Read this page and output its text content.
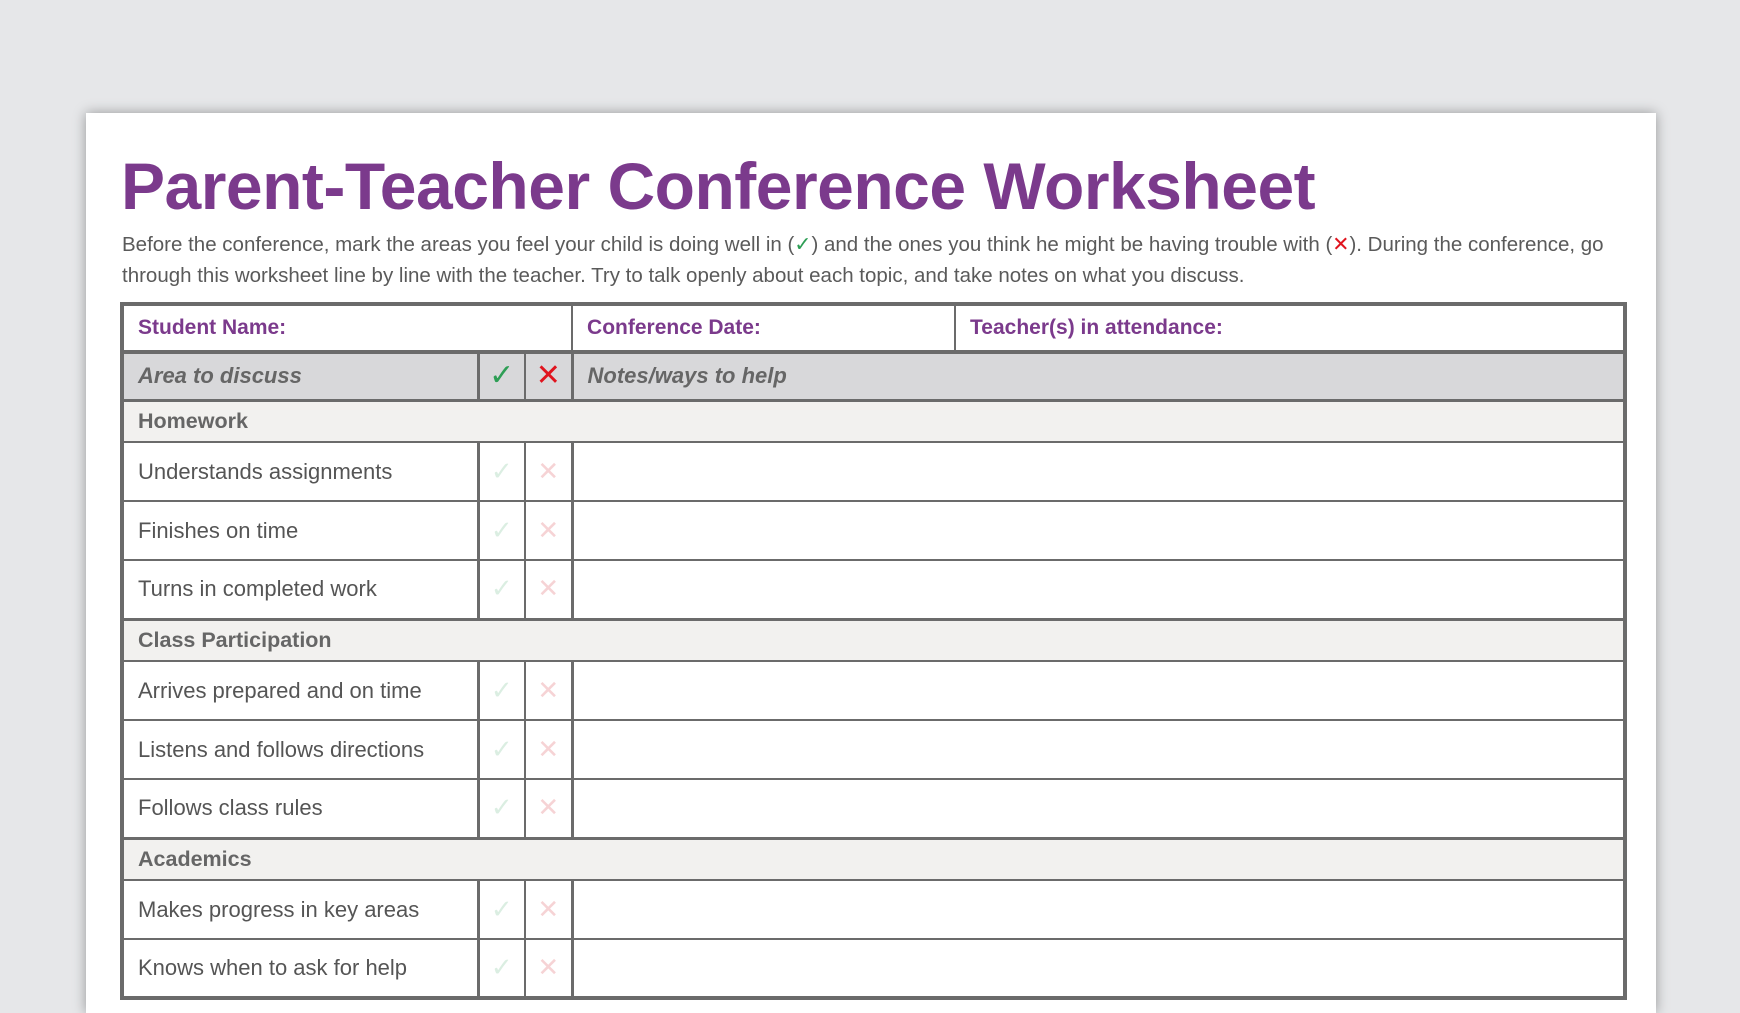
Parent-Teacher Conference Worksheet

Before the conference, mark the areas you feel your child is doing well in (✓) and the ones you think he might be having trouble with (✕). During the conference, go through this worksheet line by line with the teacher. Try to talk openly about each topic, and take notes on what you discuss.

Student Name:			Conference Date:	Teacher(s) in attendance:
Area to discuss	✓	✕	Notes/ways to help	
Homework				
Understands assignments	✓	✕		
Finishes on time	✓	✕		
Turns in completed work	✓	✕		
Class Participation				
Arrives prepared and on time	✓	✕		
Listens and follows directions	✓	✕		
Follows class rules	✓	✕		
Academics				
Makes progress in key areas	✓	✕		
Knows when to ask for help	✓	✕		
